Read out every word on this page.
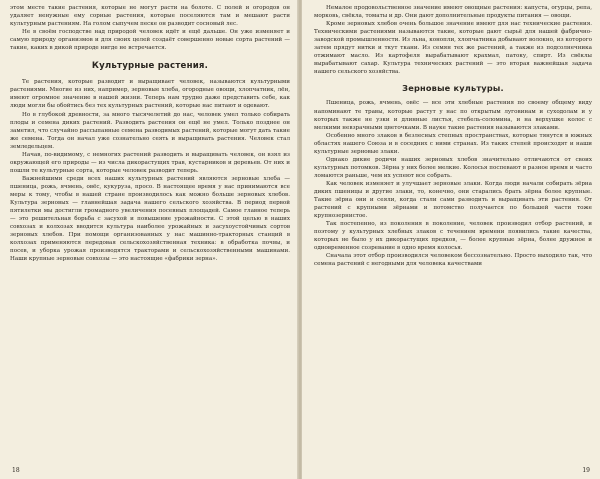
этом месте такие растения, которые не могут расти на болоте. С полей и огородов он удаляет ненужные ему сорные растения, которые поселяются там и мешают расти культурным растениям. На голом сыпучем песке он разводит сосновый лес.

Не в своём господстве над природой человек идёт и ещё дальше. Он уже изменяет и самую природу организмов и для своих целей создаёт совершенно новые сорта растений — такие, каких в дикой природе нигде не встречается.

Культурные растения.

Те растения, которые разводит и выращивает человек, называются культурными растениями. Многие из них, например, зерновые хлеба, огородные овощи, хлопчатник, лён, имеют огромное значение в нашей жизни. Теперь нам трудно даже представить себе, как люди могли бы обойтись без тех культурных растений, которые нас питают и одевают.

Но в глубокой древности, за много тысячелетий до нас, человек умел только собирать плоды и семена диких растений. Разводить растения он ещё не умел. Только позднее он заметил, что случайно рассыпанные семена разводимых растений, которые могут дать такие же семена. Тогда он начал уже сознательно сеять и выращивать растения. Человек стал земледельцем.

Начав, по-видимому, с немногих растений разводить и выращивать человек, он взял из окружающей его природы — из числа дикорастущих трав, кустарников и деревьев. От них и пошли те культурные сорта, которые человек разводит теперь.

Важнейшими среди всех наших культурных растений являются зерновые хлеба — пшеница, рожь, ячмень, овёс, кукуруза, просо. В настоящее время у нас принимаются все меры к тому, чтобы в нашей стране производилось как можно больше зерновых хлебов. Культура зерновых — главнейшая задача нашего сельского хозяйства. В период первой пятилетки мы достигли громадного увеличения посевных площадей. Самое главное теперь — это решительная борьба с засухой и повышение урожайности. С этой целью в наших совхозах и колхозах вводится культура наиболее урожайных и засухоустойчивых сортов зерновых хлебов. При помощи организованных у нас машинно-тракторных станций в колхозах применяются передовая сельскохозяйственная техника: в обработка почвы, и посев, и уборка урожая производятся тракторами и сельскохозяйственными машинами. Наши крупные зерновые совхозы — это настоящие «фабрики зерна».

18

Немалое продовольственное значение имеют овощные растения: капуста, огурцы, репа, морковь, свёкла, томаты и др. Они дают дополнительные продукты питания — овощи.

Кроме зерновых хлебов очень большое значение имеют для нас технические растения. Техническими растениями называются такие, которые дают сырьё для нашей фабрично-заводской промышленности. Из льна, конопли, хлопчатника добывают волокно, из которого затем прядут нитки и ткут ткани. Из семян тех же растений, а также из подсолнечника отжимают масло. Из картофеля вырабатывают крахмал, патоку, спирт. Из свёклы вырабатывают сахар. Культура технических растений — это вторая важнейшая задача нашего сельского хозяйства.

Зерновые культуры.

Пшеница, рожь, ячмень, овёс — все эти хлебные растения по своему общему виду напоминают те травы, которые растут у нас по открытым луговинам и суходолам и у которых также не узки и длинные листья, стебель-соломина, и на верхушке колос с мелкими невзрачными цветочками. В науке такие растения называются злаками.

Особенно много злаков в безлесных степных пространствах, которые тянутся в южных областях нашего Союза и в соседних с ними странах. Из таких степей происходят и наши культурные зерновые злаки.

Однако дикие родичи наших зерновых хлебов значительно отличаются от своих культурных потомков. Зёрна у них более мелкие. Колосья поспевают в разное время и часто ломаются раньше, чем их успеют все собрать.

Как человек изменяет и улучшает зерновые злаки. Когда люди начали собирать зёрна диких пшеницы и другие злаки, то, конечно, они старались брать зёрна более крупные. Такие зёрна они и сеяли, когда стали сами разводить и выращивать эти растения. От растений с крупными зёрнами и потомство получается по большей части тоже крупнозернистое.

Так постепенно, из поколения в поколение, человек производил отбор растений, и поэтому у культурных хлебных злаков с течением времени появились такие качества, которых не было у их дикорастущих предков, — более крупные зёрна, более дружное и одновременное созревание в одно время колосья.

Сначала этот отбор производился человеком бессознательно. Просто выходило так, что семена растений с негодными для человека качествами

19
